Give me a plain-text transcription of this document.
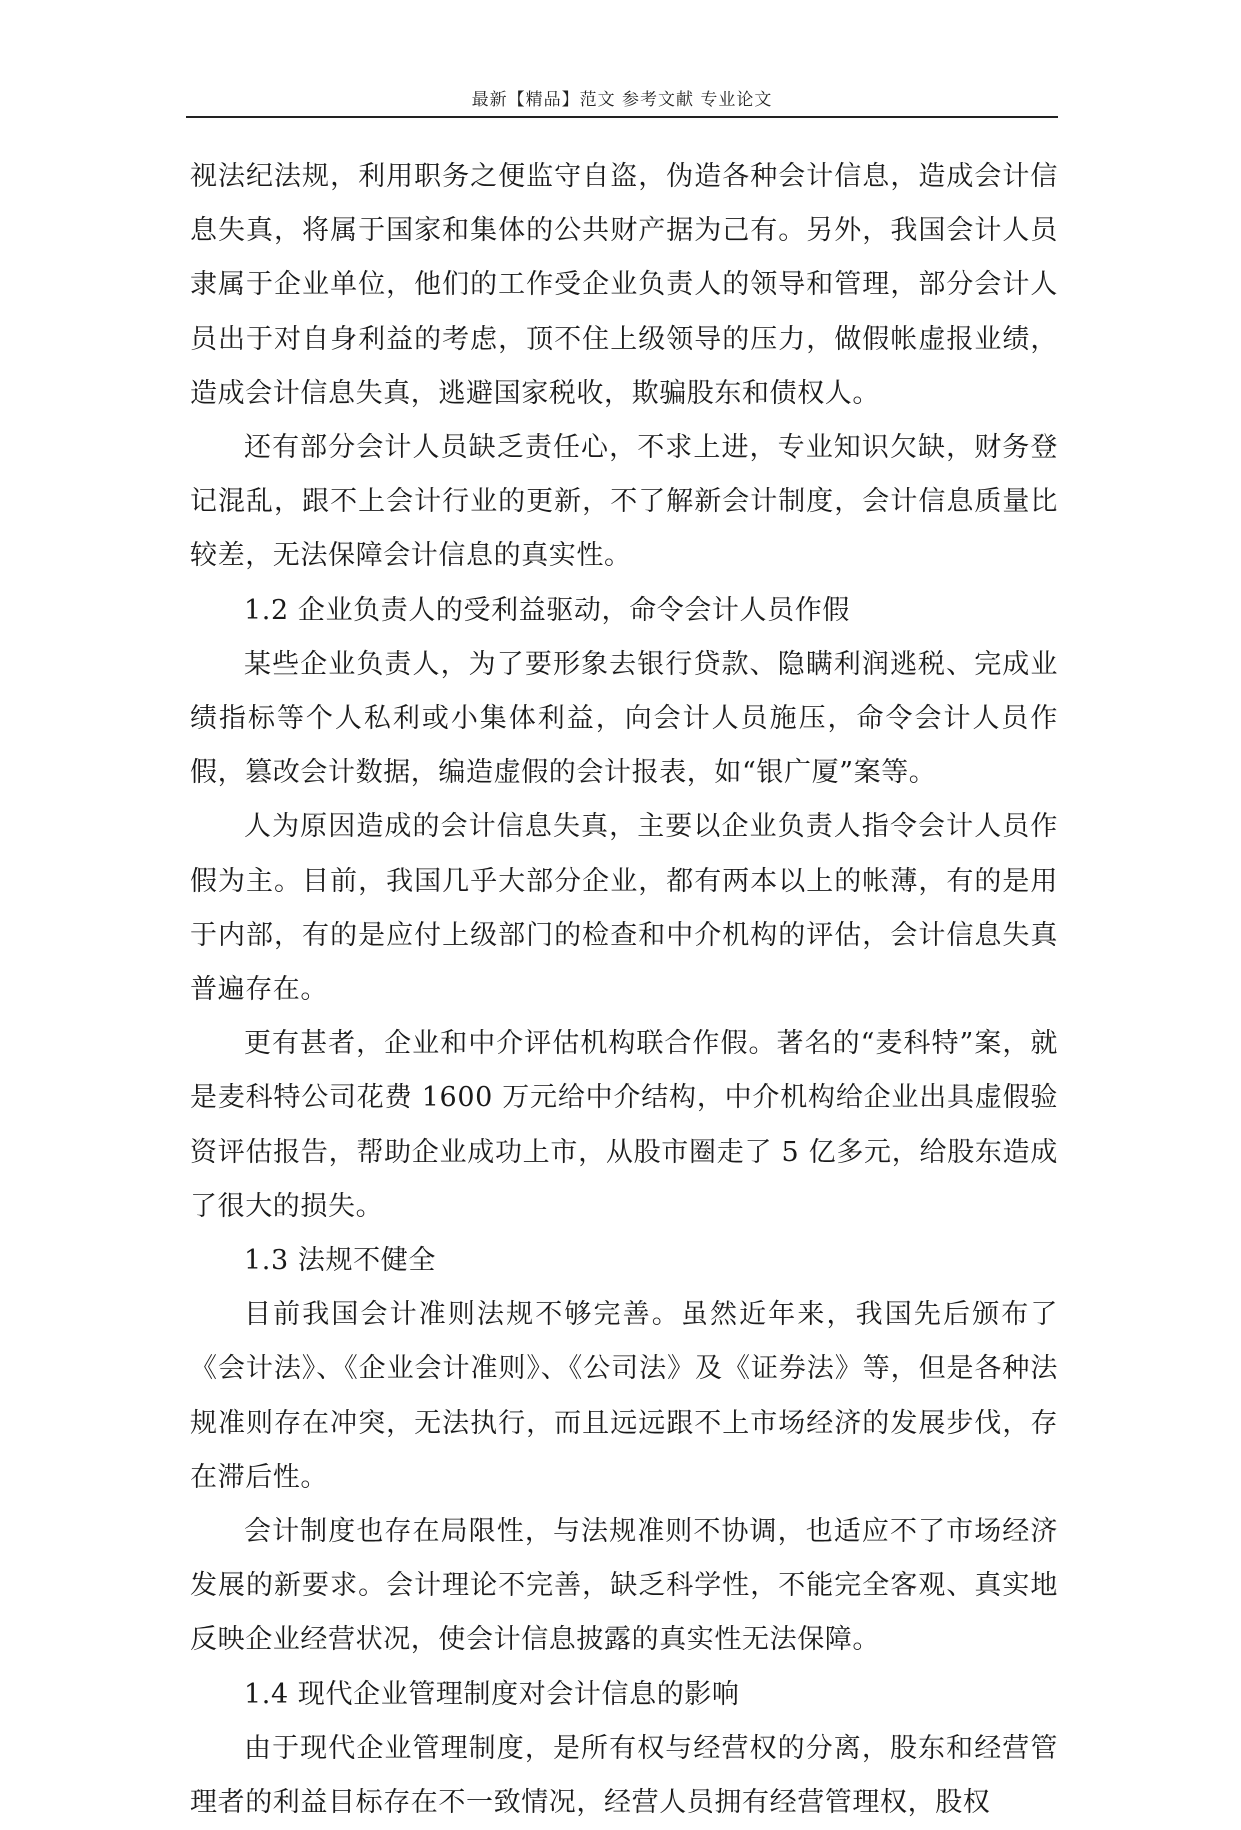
最新【精品】范文 参考文献 专业论文

视法纪法规，利用职务之便监守自盗，伪造各种会计信息，造成会计信息失真，将属于国家和集体的公共财产据为己有。另外，我国会计人员隶属于企业单位，他们的工作受企业负责人的领导和管理，部分会计人员出于对自身利益的考虑，顶不住上级领导的压力，做假帐虚报业绩，造成会计信息失真，逃避国家税收，欺骗股东和债权人。

还有部分会计人员缺乏责任心，不求上进，专业知识欠缺，财务登记混乱，跟不上会计行业的更新，不了解新会计制度，会计信息质量比较差，无法保障会计信息的真实性。

1.2 企业负责人的受利益驱动，命令会计人员作假

某些企业负责人，为了要形象去银行贷款、隐瞒利润逃税、完成业绩指标等个人私利或小集体利益，向会计人员施压，命令会计人员作假，篡改会计数据，编造虚假的会计报表，如“银广厦”案等。

人为原因造成的会计信息失真，主要以企业负责人指令会计人员作假为主。目前，我国几乎大部分企业，都有两本以上的帐薄，有的是用于内部，有的是应付上级部门的检查和中介机构的评估，会计信息失真普遍存在。

更有甚者，企业和中介评估机构联合作假。著名的“麦科特”案，就是麦科特公司花费 1600 万元给中介结构，中介机构给企业出具虚假验资评估报告，帮助企业成功上市，从股市圈走了 5 亿多元，给股东造成了很大的损失。

1.3 法规不健全

目前我国会计准则法规不够完善。虽然近年来，我国先后颁布了《会计法》、《企业会计准则》、《公司法》及《证券法》等，但是各种法规准则存在冲突，无法执行，而且远远跟不上市场经济的发展步伐，存在滞后性。

会计制度也存在局限性，与法规准则不协调，也适应不了市场经济发展的新要求。会计理论不完善，缺乏科学性，不能完全客观、真实地反映企业经营状况，使会计信息披露的真实性无法保障。

1.4 现代企业管理制度对会计信息的影响

由于现代企业管理制度，是所有权与经营权的分离，股东和经营管理者的利益目标存在不一致情况，经营人员拥有经营管理权，股权
